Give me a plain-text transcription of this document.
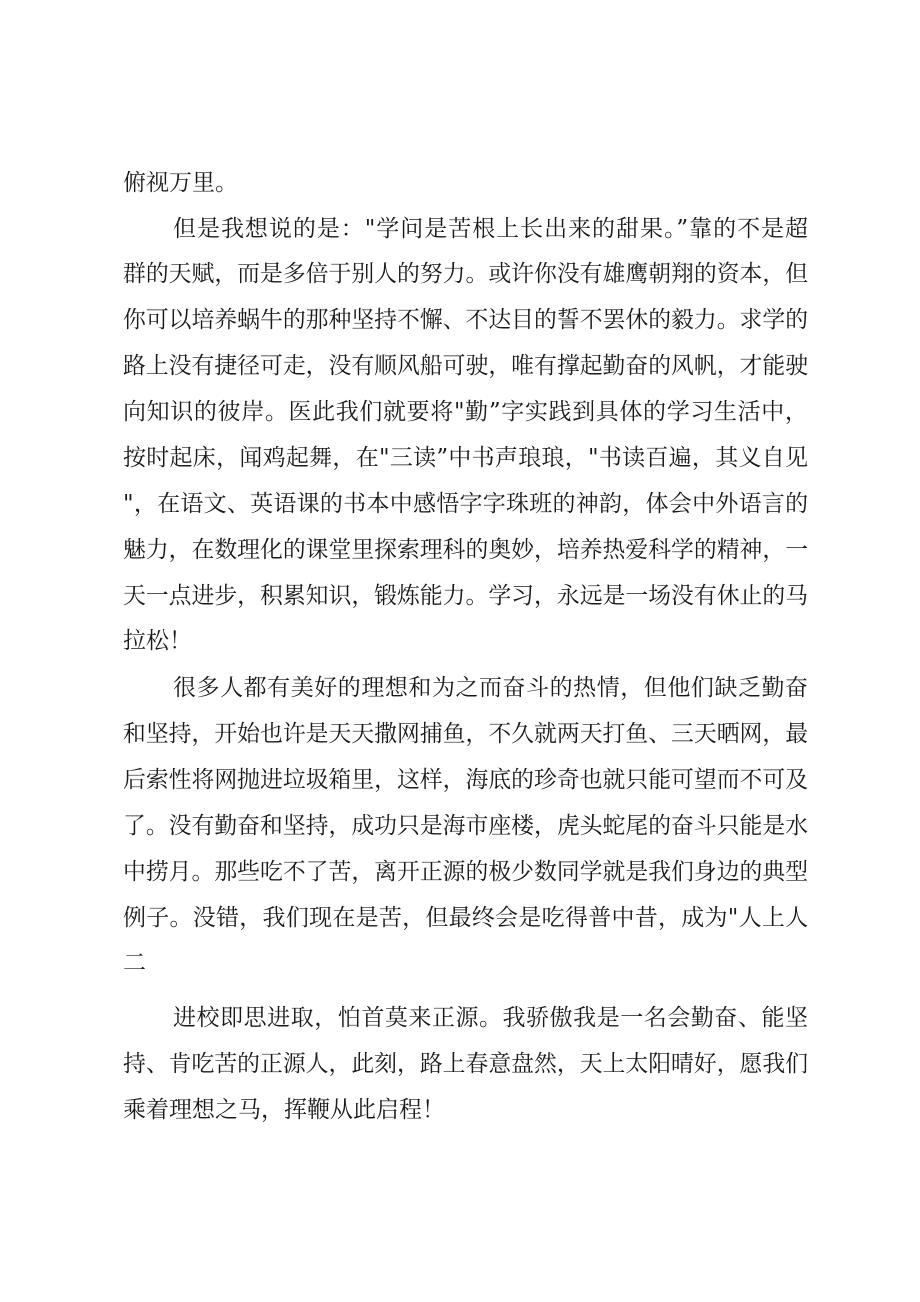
俯视万里。
但是我想说的是："学问是苦根上长出来的甜果。”靠的不是超
群的天赋，而是多倍于别人的努力。或许你没有雄鹰朝翔的资本，但
你可以培养蜗牛的那种坚持不懈、不达目的誓不罢休的毅力。求学的
路上没有捷径可走，没有顺风船可驶，唯有撑起勤奋的风帆，才能驶
向知识的彼岸。医此我们就要将"勤”字实践到具体的学习生活中，
按时起床，闻鸡起舞，在"三读”中书声琅琅，"书读百遍，其义自见
"，在语文、英语课的书本中感悟字字珠班的神韵，体会中外语言的
魅力，在数理化的课堂里探索理科的奥妙，培养热爱科学的精神，一
天一点进步，积累知识，锻炼能力。学习，永远是一场没有休止的马
拉松！
很多人都有美好的理想和为之而奋斗的热情，但他们缺乏勤奋
和坚持，开始也许是天天撒网捕鱼，不久就两天打鱼、三天晒网，最
后索性将网抛进垃圾箱里，这样，海底的珍奇也就只能可望而不可及
了。没有勤奋和坚持，成功只是海市座楼，虎头蛇尾的奋斗只能是水
中捞月。那些吃不了苦，离开正源的极少数同学就是我们身边的典型
例子。没错，我们现在是苦，但最终会是吃得普中昔，成为"人上人
二
进校即思进取，怕首莫来正源。我骄傲我是一名会勤奋、能坚
持、肯吃苦的正源人，此刻，路上春意盘然，天上太阳晴好，愿我们
乘着理想之马，挥鞭从此启程！
